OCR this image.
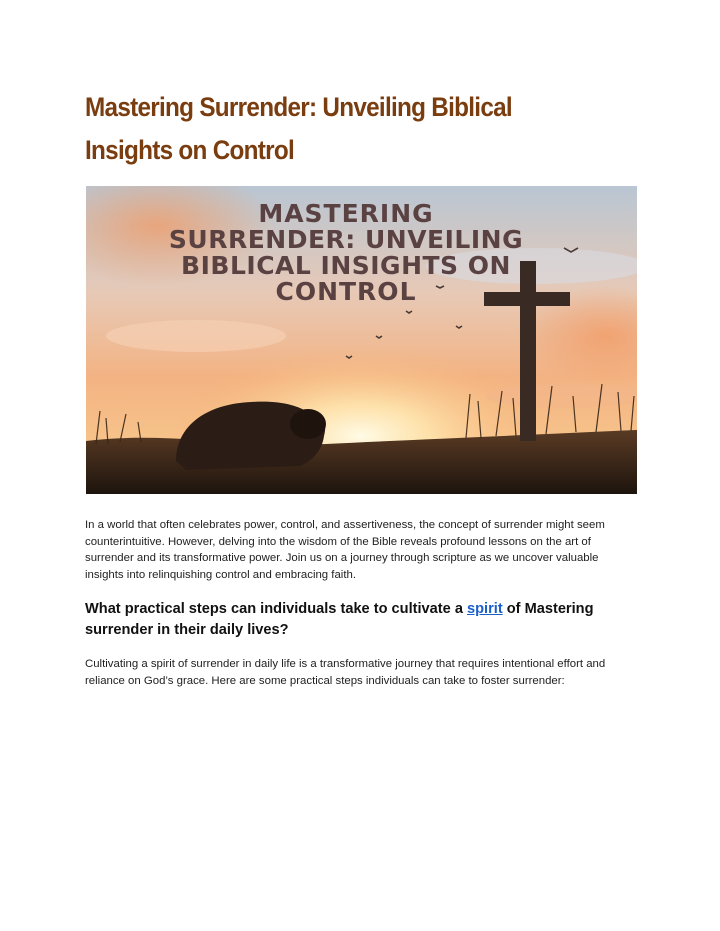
Mastering Surrender: Unveiling Biblical Insights on Control
MASTERING
SURRENDER: UNVEILING
BIBLICAL INSIGHTS ON
CONTROL

In a world that often celebrates power, control, and assertiveness, the concept of surrender might seem counterintuitive. However, delving into the wisdom of the Bible reveals profound lessons on the art of surrender and its transformative power. Join us on a journey through scripture as we uncover valuable insights into relinquishing control and embracing faith.

What practical steps can individuals take to cultivate a spirit of Mastering surrender in their daily lives?

Cultivating a spirit of surrender in daily life is a transformative journey that requires intentional effort and reliance on God’s grace. Here are some practical steps individuals can take to foster surrender:
